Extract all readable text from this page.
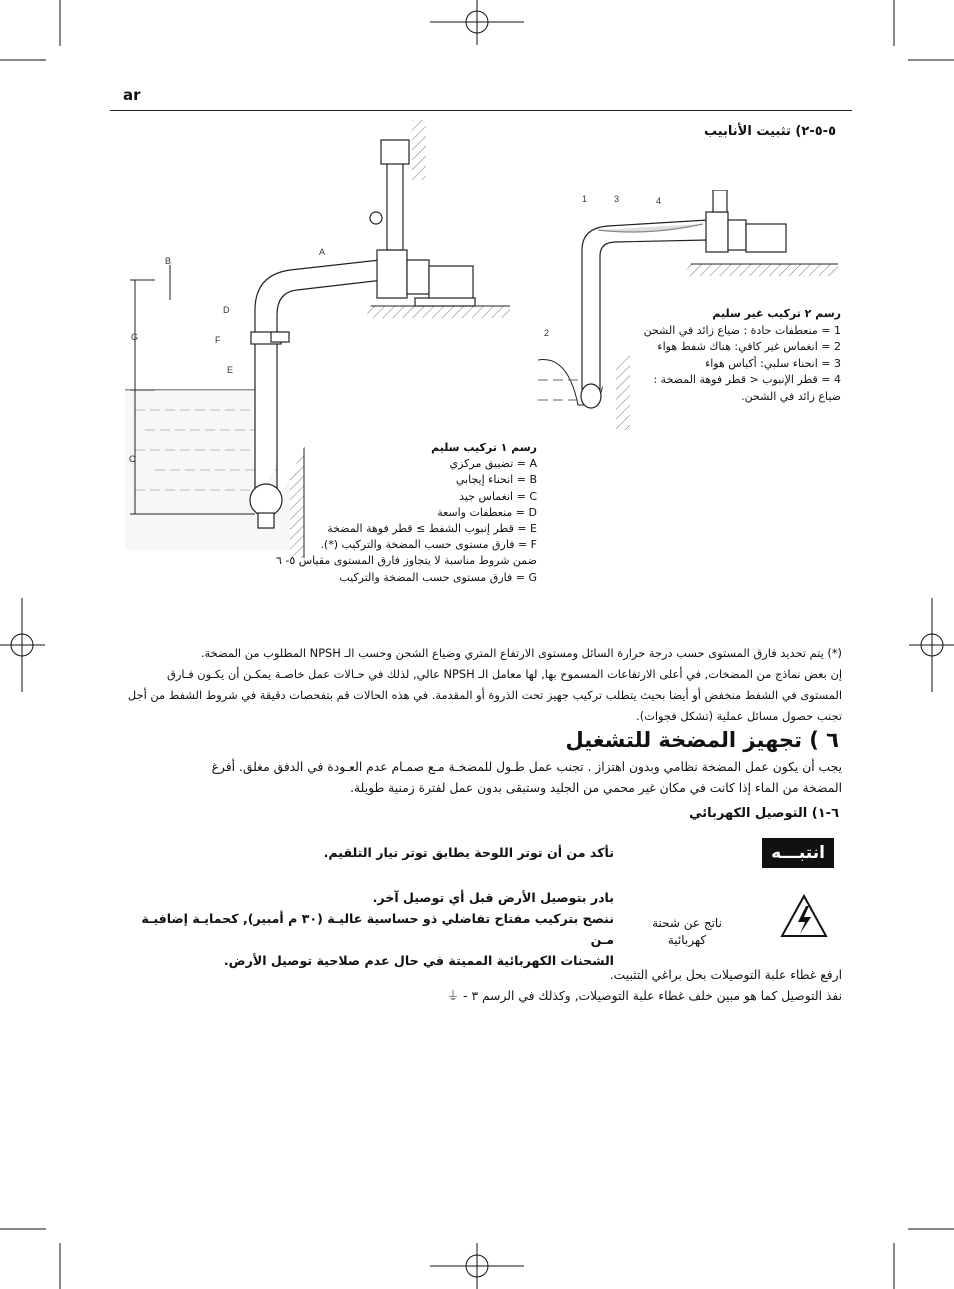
ar
٥-٥-٢) تثبيت الأنابيب
A
B
C
D
E
F
G
رسم ١ تركيب سليم
A = تضييق مركزي
B = انحناء إيجابي
C = انغماس جيد
D = منعطفات واسعة
E = قطر إنبوب الشفط ≥ قطر فوهة المضخة
F = فارق مستوى حسب المضخة والتركيب (*).
ضمن شروط مناسبة لا يتجاوز فارق المستوى مقياس ٥- ٦
G = فارق مستوى حسب المضخة والتركيب
1
2
3	4
رسم ٢ تركيب غير سليم
1 = منعطفات حادة : ضياع زائد في الشحن
2 = انغماس غير كافي: هناك شفط هواء
3 = انحناء سلبي: أكياس هواء
4 = قطر الإنبوب < قطر فوهة المضخة :
ضياع زائد في الشحن.
(*) يتم تحديد فارق المستوى حسب درجة حرارة السائل ومستوى الارتفاع المتري وضياع الشحن وحسب الـ NPSH المطلوب من المضخة.
إن بعض نماذج من المضخات, في أعلى الارتفاعات المسموح بها, لها معامل الـ NPSH عالي, لذلك في حـالات عمل خاصـة يمكـن أن يكـون فـارق
المستوى في الشفط منخفض أو أيضا بحيث يتطلب تركيب جهيز تحت الذروة أو المقدمة. في هذه الحالات قم بتفحصات دقيقة في شروط الشفط من أجل
تجنب حصول مسائل عملية (تشكل فجوات).
٦ ) تجهيز المضخة للتشغيل
يجب أن يكون عمل المضخة نظامي وبدون اهتزاز . تجنب عمل طـول للمضخـة مـع صمـام عدم العـودة في الدفق مغلق. أفرغ
المضخة من الماء إذا كانت في مكان غير محمي من الجليد وستبقى بدون عمل لفترة زمنية طويلة.
٦-١) التوصيل الكهربائي
انتبـــه
تأكد من أن توتر اللوحة يطابق توتر تيار التلقيم.
بادر بتوصيل الأرض قبل أي توصيل آخر.
ننصح بتركيب مفتاح تفاضلي ذو حساسية عاليـة (٣٠ م أمبير), كحمايـة إضافيـة مـن
الشحنات الكهربائية المميتة في حال عدم صلاحية توصيل الأرض.
ناتج عن شحنة كهربائية
ارفع غطاء علبة التوصيلات بحل براغي التثبيت.
نفذ التوصيل كما هو مبين خلف غطاء علبة التوصيلات, وكذلك في الرسم ٣ - ⏚
